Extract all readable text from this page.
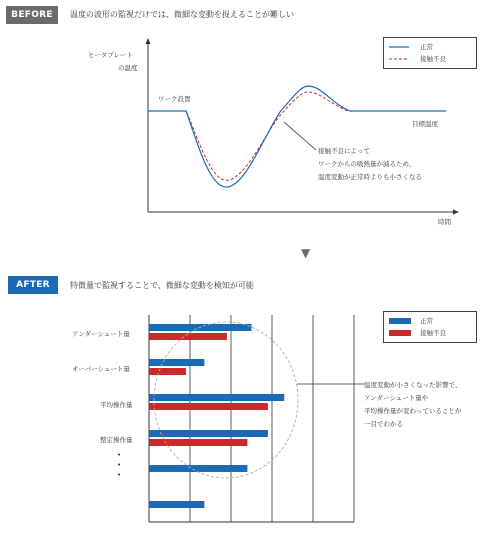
BEFORE	温度の波形の監視だけでは、微細な変動を捉えることが難しい
ヒータプレート
の温度
時間
ワーク設置
目標温度
接触不良によって
ワークからの吸熱量が減るため、
温度変動が正常時よりも小さくなる
正常
接触不良
▼
AFTER	特徴量で監視することで、微細な変動を検知が可能
アンダーシュート量
オーバーシュート量
平均操作量
整定操作量
•
•
•
温度変動が小さくなった影響で、
アンダーシュート量や
平均操作量が変わっていることが
一目でわかる
正常
接触不良
